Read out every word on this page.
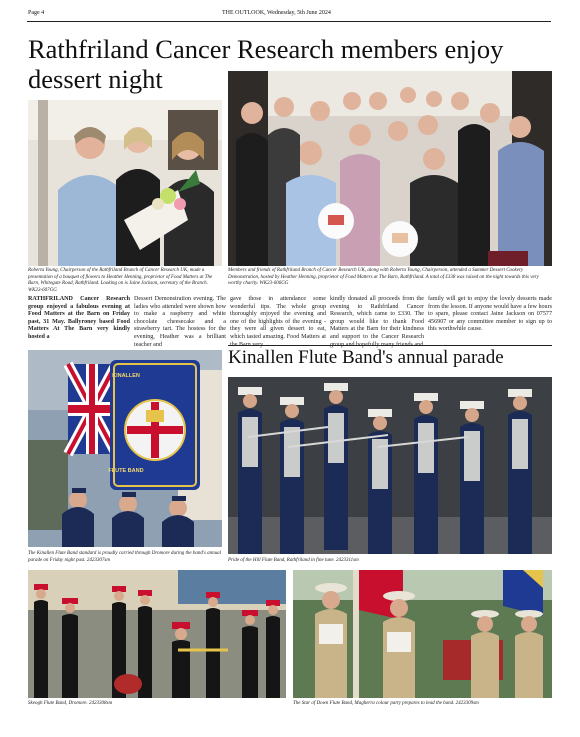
Page 4	THE OUTLOOK, Wednesday, 5th June 2024
Rathfriland Cancer Research members enjoy dessert night
Roberta Young, Chairperson of the Rathfriland Branch of Cancer Research UK, made a presentation of a bouquet of flowers to Heather Henning, proprietor of Food Matters at The Barn, Whitegate Road, Rathfriland. Looking on is Jaine Jackson, secretary of the Branch. WK23-607GG
Members and friends of Rathfriland Branch of Cancer Research UK, along with Roberta Young, Chairperson, attended a Summer Dessert Cookery Demonstration, hosted by Heather Henning, proprietor of Food Matters at The Barn, Rathfriland. A total of £338 was raised on the night towards this very worthy charity. WK23-606GG
RATHFRILAND Cancer Research group enjoyed a fabulous evening at Food Matters at the Barn on Friday past, 31 May. Ballyroney based Food Matters At The Barn very kindly hosted a
Dessert Demonstration evening. The ladies who attended were shown how to make a raspberry and white chocolate cheesecake and a strawberry tart. The hostess for the evening, Heather was a brilliant teacher and
gave those in attendance some wonderful tips. The whole group thoroughly enjoyed the evening and one of the highlights of the evening - they were all given dessert to eat, which tasted amazing. Food Matters at
kindly donated all proceeds from the evening to Rathfriland Cancer Research, which came to £330. The group would like to thank Food Matters at the Barn for their kindness and support to the Cancer Research
family will get to enjoy the lovely desserts made from the lesson. If anyone would have a few hours to spare, please contact Jaine Jackson on 07577 456907 or any committee member to sign up to this worthwhile cause.
Kinallen Flute Band's annual parade
KINALLEN
FLUTE BAND
The Kinallen Flute Band standard is proudly carried through Dromore during the band's annual parade on Friday night past. 2423307sm	Pride of the Hill Flute Band, Rathfriland in fine tune. 2423311sm
Skeogh Flute Band, Dromore. 2423308sm	The Star of Down Flute Band, Magherra colour party prepares to lead the band. 2423309sm
